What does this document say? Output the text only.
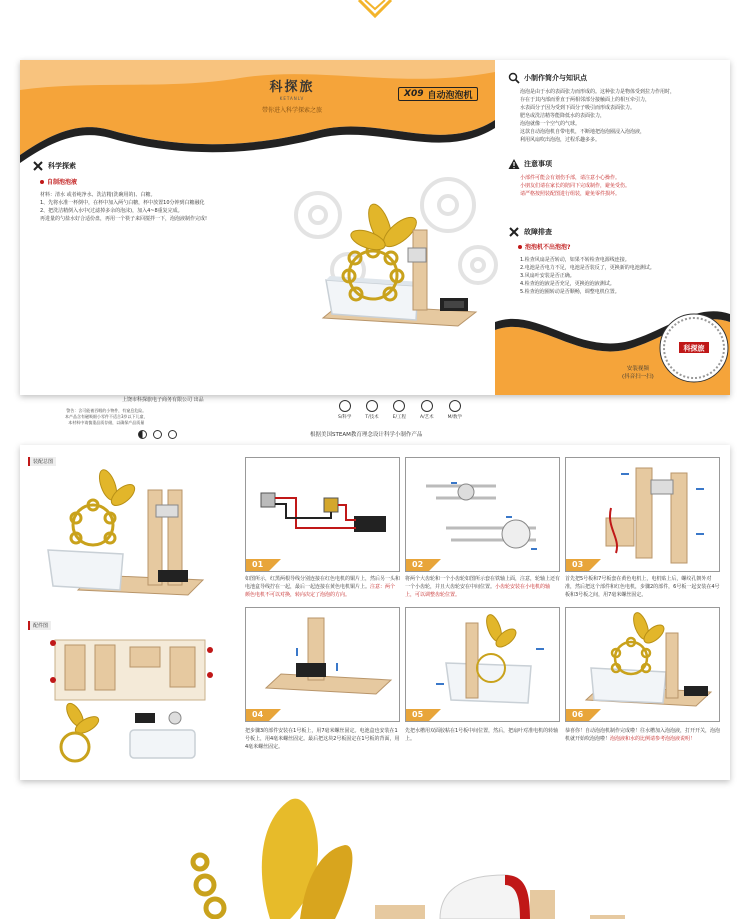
科探旅
KETANLV
带你进入科学探索之旅
X09 自动泡泡机
科学探索
自制泡泡液

材料：清水 或者纯净水、洗洁精(洗碗用的)、白糖。

1、先将水准一杯倒中，在杯中加入两勺白糖，杯中放置10分钟到白糖融化

2、把洗洁精倒入水中(过滤掉多余的泡沫)，加入4~8重复完成。

再进量的勺盐水好合适份盘，再用一个筷子来回搅拌一下，泡泡液制作完成!

S/科学	T/技术	E/工程	A/艺术	M/数学
根据美国STEAM教育理念设计科学小制作产品
上饶市科探旅电子商务有限公司 出品
警告：含可能被吞咽的小物件，有窒息危险。
本产品含有磁吸细小零件不适合3岁以下儿童，
本材料中请慎重品质存储，以确保产品质量
小制作简介与知识点

泡泡是由于水的表面张力而形成的。这种张力是物体受到拉力作用时，

存在于其内部而垂直于两相邻部分接触面上的相互牵引力，

水表面分子因为受到下面分子吸引而形成表面张力。

肥皂或洗洁精等能降低水的表面张力，

泡泡就像一个空气的气球。

这款自动泡泡机自带电机，不断地把泡泡圈浸入泡泡液，

利用风扇吹出泡泡，过程乐趣多多。

注意事项

小部件可能会有划伤手部，请注意小心操作。

小朋友们请在家长的陪同下完成制作，避免受伤。

请严格按照装配图进行组装，避免零件损坏。

故障排查
泡泡机不出泡泡?

1.检查风扇是否转动，如果不转检查电源线连接。

2.电池是否电力不足，电池是否装反了，更换新的电池测试。

3.风扇叶安装是否正确。

4.检查泡泡液是否充足，更换泡泡液测试。

5.检查泡泡圈转动是否顺畅，调整电机位置。

科探旅
安装视频
(抖音扫一扫)
装配总图
配件图
01
如图所示，红黑两根导线分别连接在红色电机的铜片上，然后另一头和电池盒导线拧在一起，最后一起连接在黄色电机铜片上。注意：两个颜色电机不可以对换，转向决定了泡泡的方向。
02
将两个大齿轮和一个小齿轮如图所示套在铁轴上面，注意，轮轴上还有一个小齿轮，并且大齿轮安在中间位置。小齿轮安装在小电机的轴上，可以调整齿轮位置。
03
首先把5号板和7号板套在黄色电机上，电机贴上后，螺纹孔朝外对准，然后把这个部件和红色电机，步骤2的部件，6号板一起安装在4号板和3号板之间，用7毫米螺丝固定。
04
把步骤3的部件安装在1号板上，用7毫米螺丝固定。电池盒也安装在1号板上，用4毫米螺丝固定。最后把这块2号板固定在1号板的背面，用4毫米螺丝固定。
05
先把水槽用双面胶粘在1号板中间位置，然后，把扇叶对准电机的转轴上。
06
恭喜你！自动泡泡机制作完成啦！往水槽加入泡泡液，打开开关，泡泡机就开始吹泡泡啦！泡泡液和水的比例请参考泡泡液说明！
